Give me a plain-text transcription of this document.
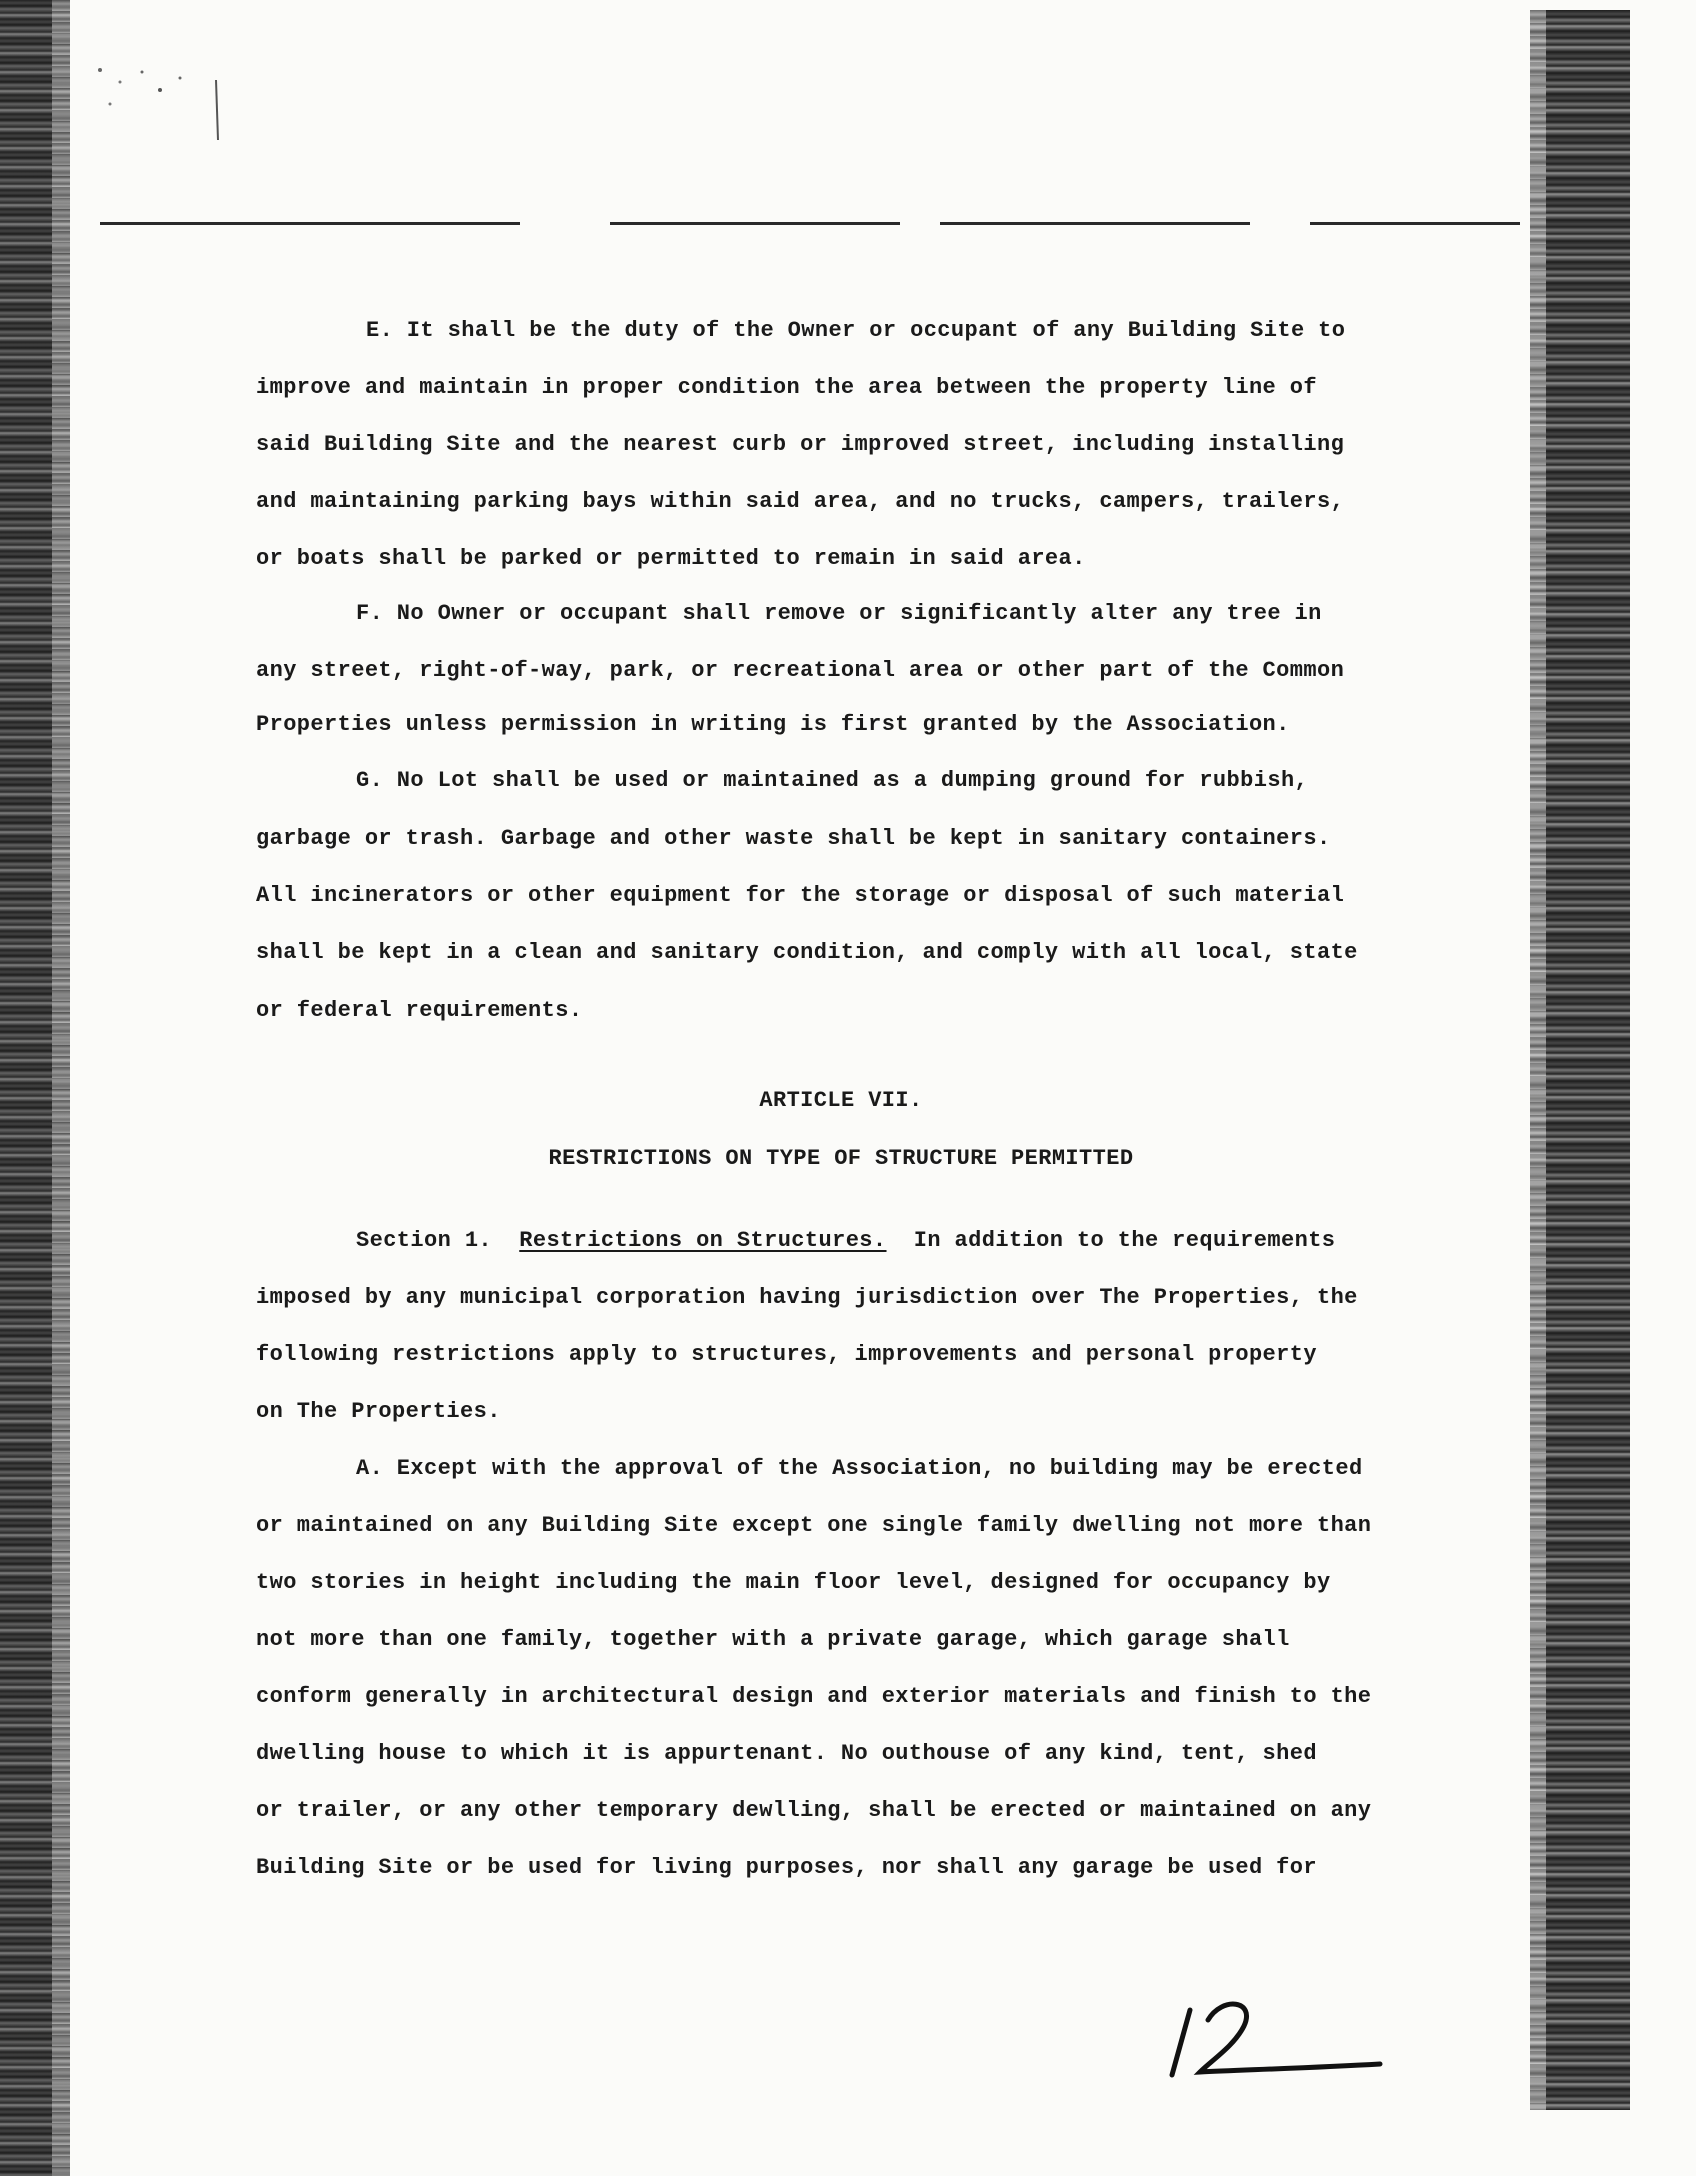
E. It shall be the duty of the Owner or occupant of any Building Site to
improve and maintain in proper condition the area between the property line of
said Building Site and the nearest curb or improved street, including installing
and maintaining parking bays within said area, and no trucks, campers, trailers,
or boats shall be parked or permitted to remain in said area.
F. No Owner or occupant shall remove or significantly alter any tree in
any street, right-of-way, park, or recreational area or other part of the Common
Properties unless permission in writing is first granted by the Association.
G. No Lot shall be used or maintained as a dumping ground for rubbish,
garbage or trash. Garbage and other waste shall be kept in sanitary containers.
All incinerators or other equipment for the storage or disposal of such material
shall be kept in a clean and sanitary condition, and comply with all local, state
or federal requirements.
ARTICLE VII.
RESTRICTIONS ON TYPE OF STRUCTURE PERMITTED
Section 1. Restrictions on Structures. In addition to the requirements
imposed by any municipal corporation having jurisdiction over The Properties, the
following restrictions apply to structures, improvements and personal property
on The Properties.
A. Except with the approval of the Association, no building may be erected
or maintained on any Building Site except one single family dwelling not more than
two stories in height including the main floor level, designed for occupancy by
not more than one family, together with a private garage, which garage shall
conform generally in architectural design and exterior materials and finish to the
dwelling house to which it is appurtenant. No outhouse of any kind, tent, shed
or trailer, or any other temporary dewlling, shall be erected or maintained on any
Building Site or be used for living purposes, nor shall any garage be used for
12
